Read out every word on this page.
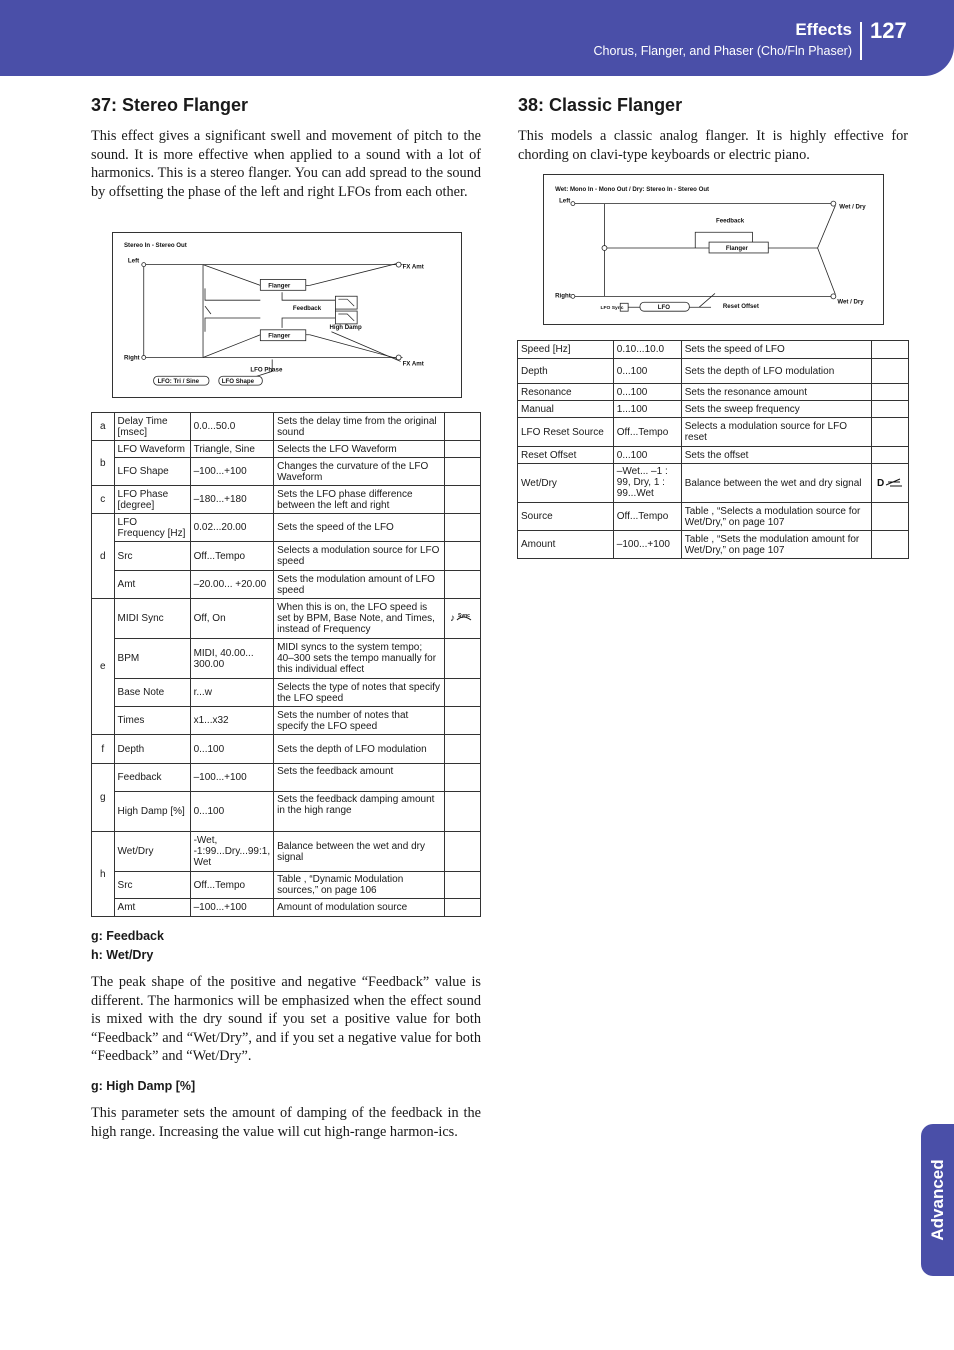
Effects
Chorus, Flanger, and Phaser (Cho/Fln Phaser)
127
Advanced
37: Stereo Flanger

This effect gives a significant swell and movement of pitch to the sound. It is more effective when applied to a sound with a lot of harmonics. This is a stereo flanger. You can add spread to the sound by offsetting the phase of the left and right LFOs from each other.

Stereo In - Stereo Out
Left
Right
Flanger
Flanger
Feedback
High Damp
FX Amt
FX Amt
LFO Phase
LFO: Tri / Sine	LFO Shape
a	Delay Time [msec]	0.0...50.0	Sets the delay time from the original sound	
b	LFO Waveform	Triangle, Sine	Selects the LFO Waveform	
	LFO Shape	–100...+100	Changes the curvature of the LFO Waveform	
c	LFO Phase [degree]	–180...+180	Sets the LFO phase difference between the left and right	
d	LFO Frequency [Hz]	0.02...20.00	Sets the speed of the LFO	
	Src	Off...Tempo	Selects a modulation source for LFO speed	
	Amt	–20.00... +20.00	Sets the modulation amount of LFO speed	
e	MIDI Sync	Off, On	When this is on, the LFO speed is set by BPM, Base Note, and Times, instead of Frequency	♪ Sync

	BPM	MIDI, 40.00... 300.00	MIDI syncs to the system tempo; 40–300 sets the tempo manually for this individual effect	
	Base Note	r...w	Selects the type of notes that specify the LFO speed	
	Times	x1...x32	Sets the number of notes that specify the LFO speed	
f	Depth	0...100	Sets the depth of LFO modulation	
g	Feedback	–100...+100	Sets the feedback amount	
	High Damp [%]	0...100	Sets the feedback damping amount in the high range	
h	Wet/Dry	-Wet, -1:99...Dry...99:1, Wet	Balance between the wet and dry signal	
	Src	Off...Tempo	Table , “Dynamic Modulation sources,” on page 106	
	Amt	–100...+100	Amount of modulation source	
g: Feedback
h: Wet/Dry

The peak shape of the positive and negative “Feedback” value is different. The harmonics will be emphasized when the effect sound is mixed with the dry sound if you set a positive value for both “Feedback” and “Wet/Dry”, and if you set a negative value for both “Feedback” and “Wet/Dry”.

g: High Damp [%]

This parameter sets the amount of damping of the feedback in the high range. Increasing the value will cut high-range harmon-ics.

38: Classic Flanger

This models a classic analog flanger. It is highly effective for chording on clavi-type keyboards or electric piano.

Wet: Mono In - Mono Out / Dry: Stereo In - Stereo Out
Left
Right
Feedback
Flanger
Wet / Dry
Wet / Dry
LFO Sync	LFO	Reset Offset
Speed [Hz]	0.10...10.0	Sets the speed of LFO	
Depth	0...100	Sets the depth of LFO modulation	
Resonance	0...100	Sets the resonance amount	
Manual	1...100	Sets the sweep frequency	
LFO Reset Source	Off...Tempo	Selects a modulation source for LFO reset	
Reset Offset	0...100	Sets the offset	
Wet/Dry	–Wet... –1 : 99, Dry, 1 : 99...Wet	Balance between the wet and dry signal	D

Source	Off...Tempo	Table , “Selects a modulation source for Wet/Dry,” on page 107	
Amount	–100...+100	Table , “Sets the modulation amount for Wet/Dry,” on page 107	
